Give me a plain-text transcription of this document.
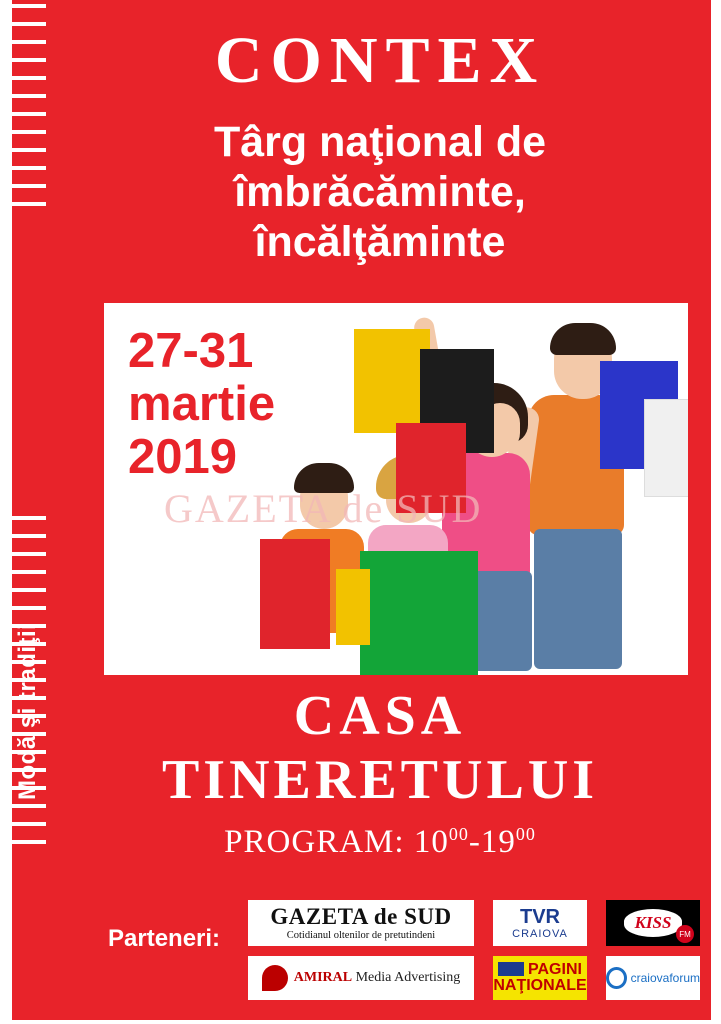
Modă şi tradiţii
CONTEX
Târg naţional de
îmbrăcăminte,
încălţăminte
GAZETA de SUD
27-31
martie
2019
CASA
TINERETULUI
PROGRAM: $10^{00}-19^{00}$
Parteneri:
GAZETA de SUD
Cotidianul oltenilor de pretutindeni
TVR
CRAIOVA
KISS
FM
AMIRAL Media Advertising	PAGINI
NAŢIONALE	craiovaforum
